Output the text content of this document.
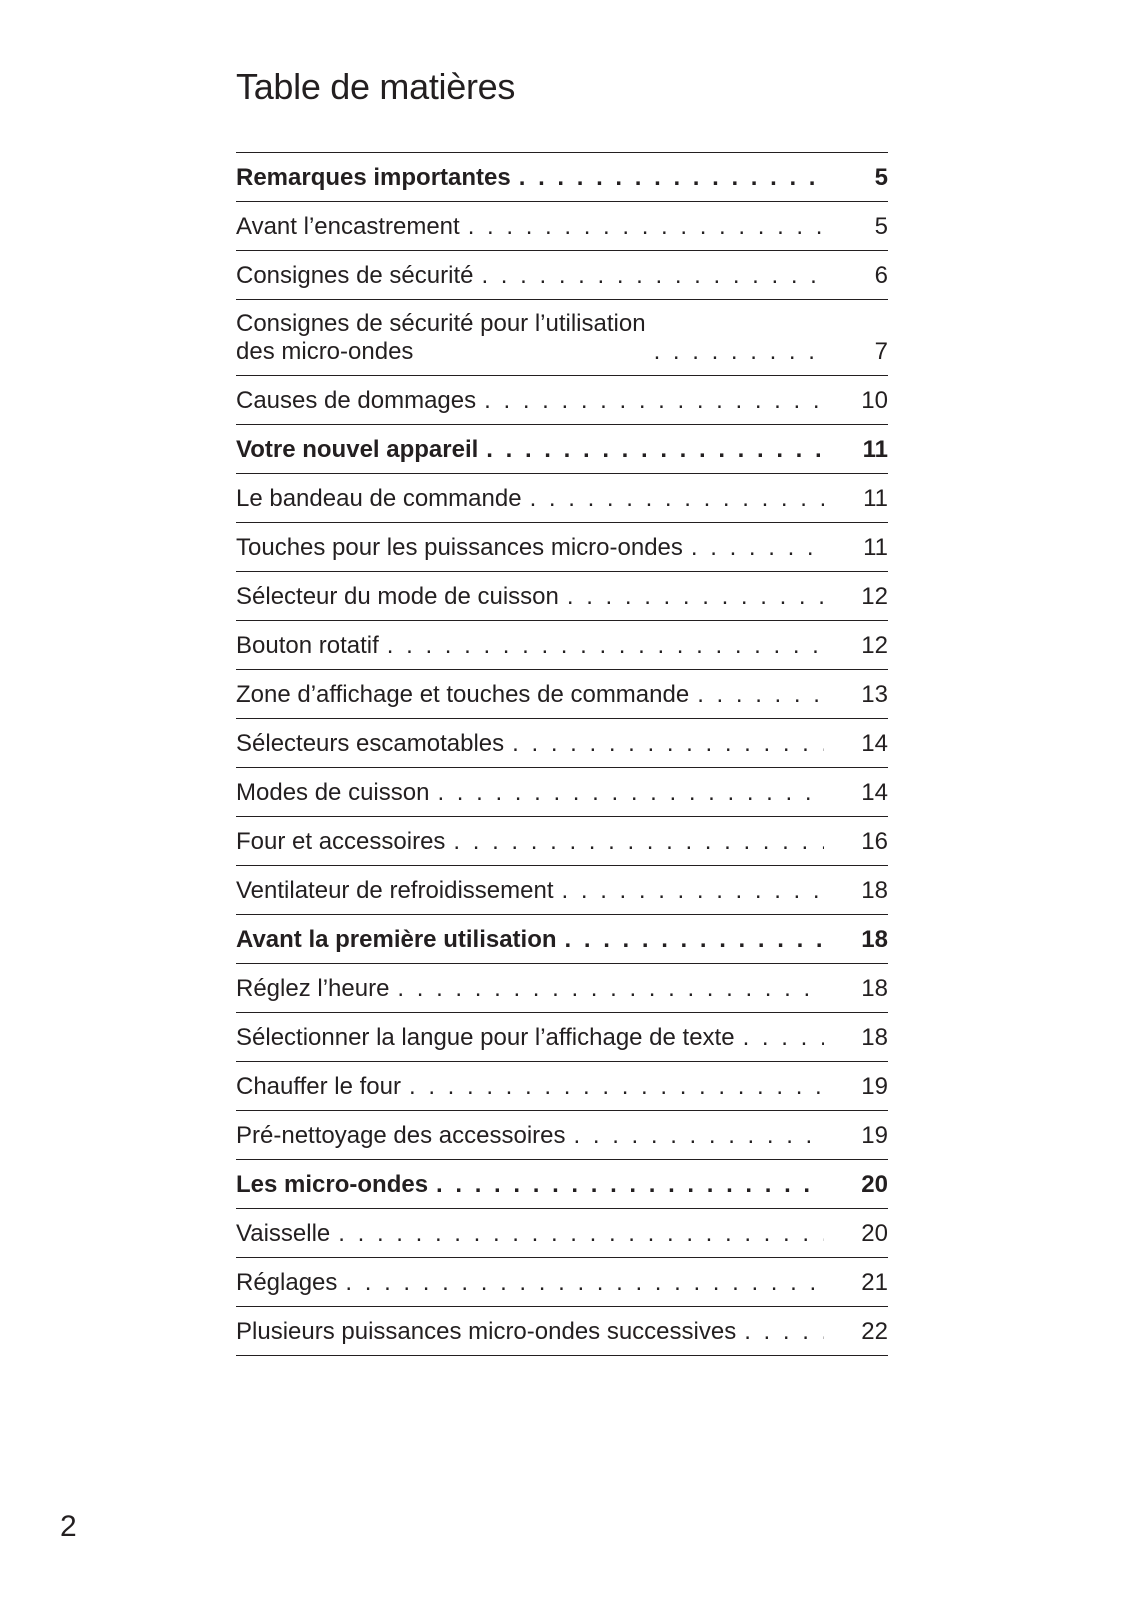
Table de matières
Remarques importantes . . .	5
Avant l’encastrement . . .	5
Consignes de sécurité . . .	6
Consignes de sécurité pour l’utilisation
des micro-ondes . . .	7
Causes de dommages . . .	10
Votre nouvel appareil . . .	11
Le bandeau de commande . . .	11
Touches pour les puissances micro-ondes . . .	11
Sélecteur du mode de cuisson . . .	12
Bouton rotatif . . .	12
Zone d’affichage et touches de commande . . .	13
Sélecteurs escamotables . . .	14
Modes de cuisson . . .	14
Four et accessoires . . .	16
Ventilateur de refroidissement . . .	18
Avant la première utilisation . . .	18
Réglez l’heure . . .	18
Sélectionner la langue pour l’affichage de texte . . .	18
Chauffer le four . . .	19
Pré-nettoyage des accessoires . . .	19
Les micro-ondes . . .	20
Vaisselle . . .	20
Réglages . . .	21
Plusieurs puissances micro-ondes successives . . .	22
2
